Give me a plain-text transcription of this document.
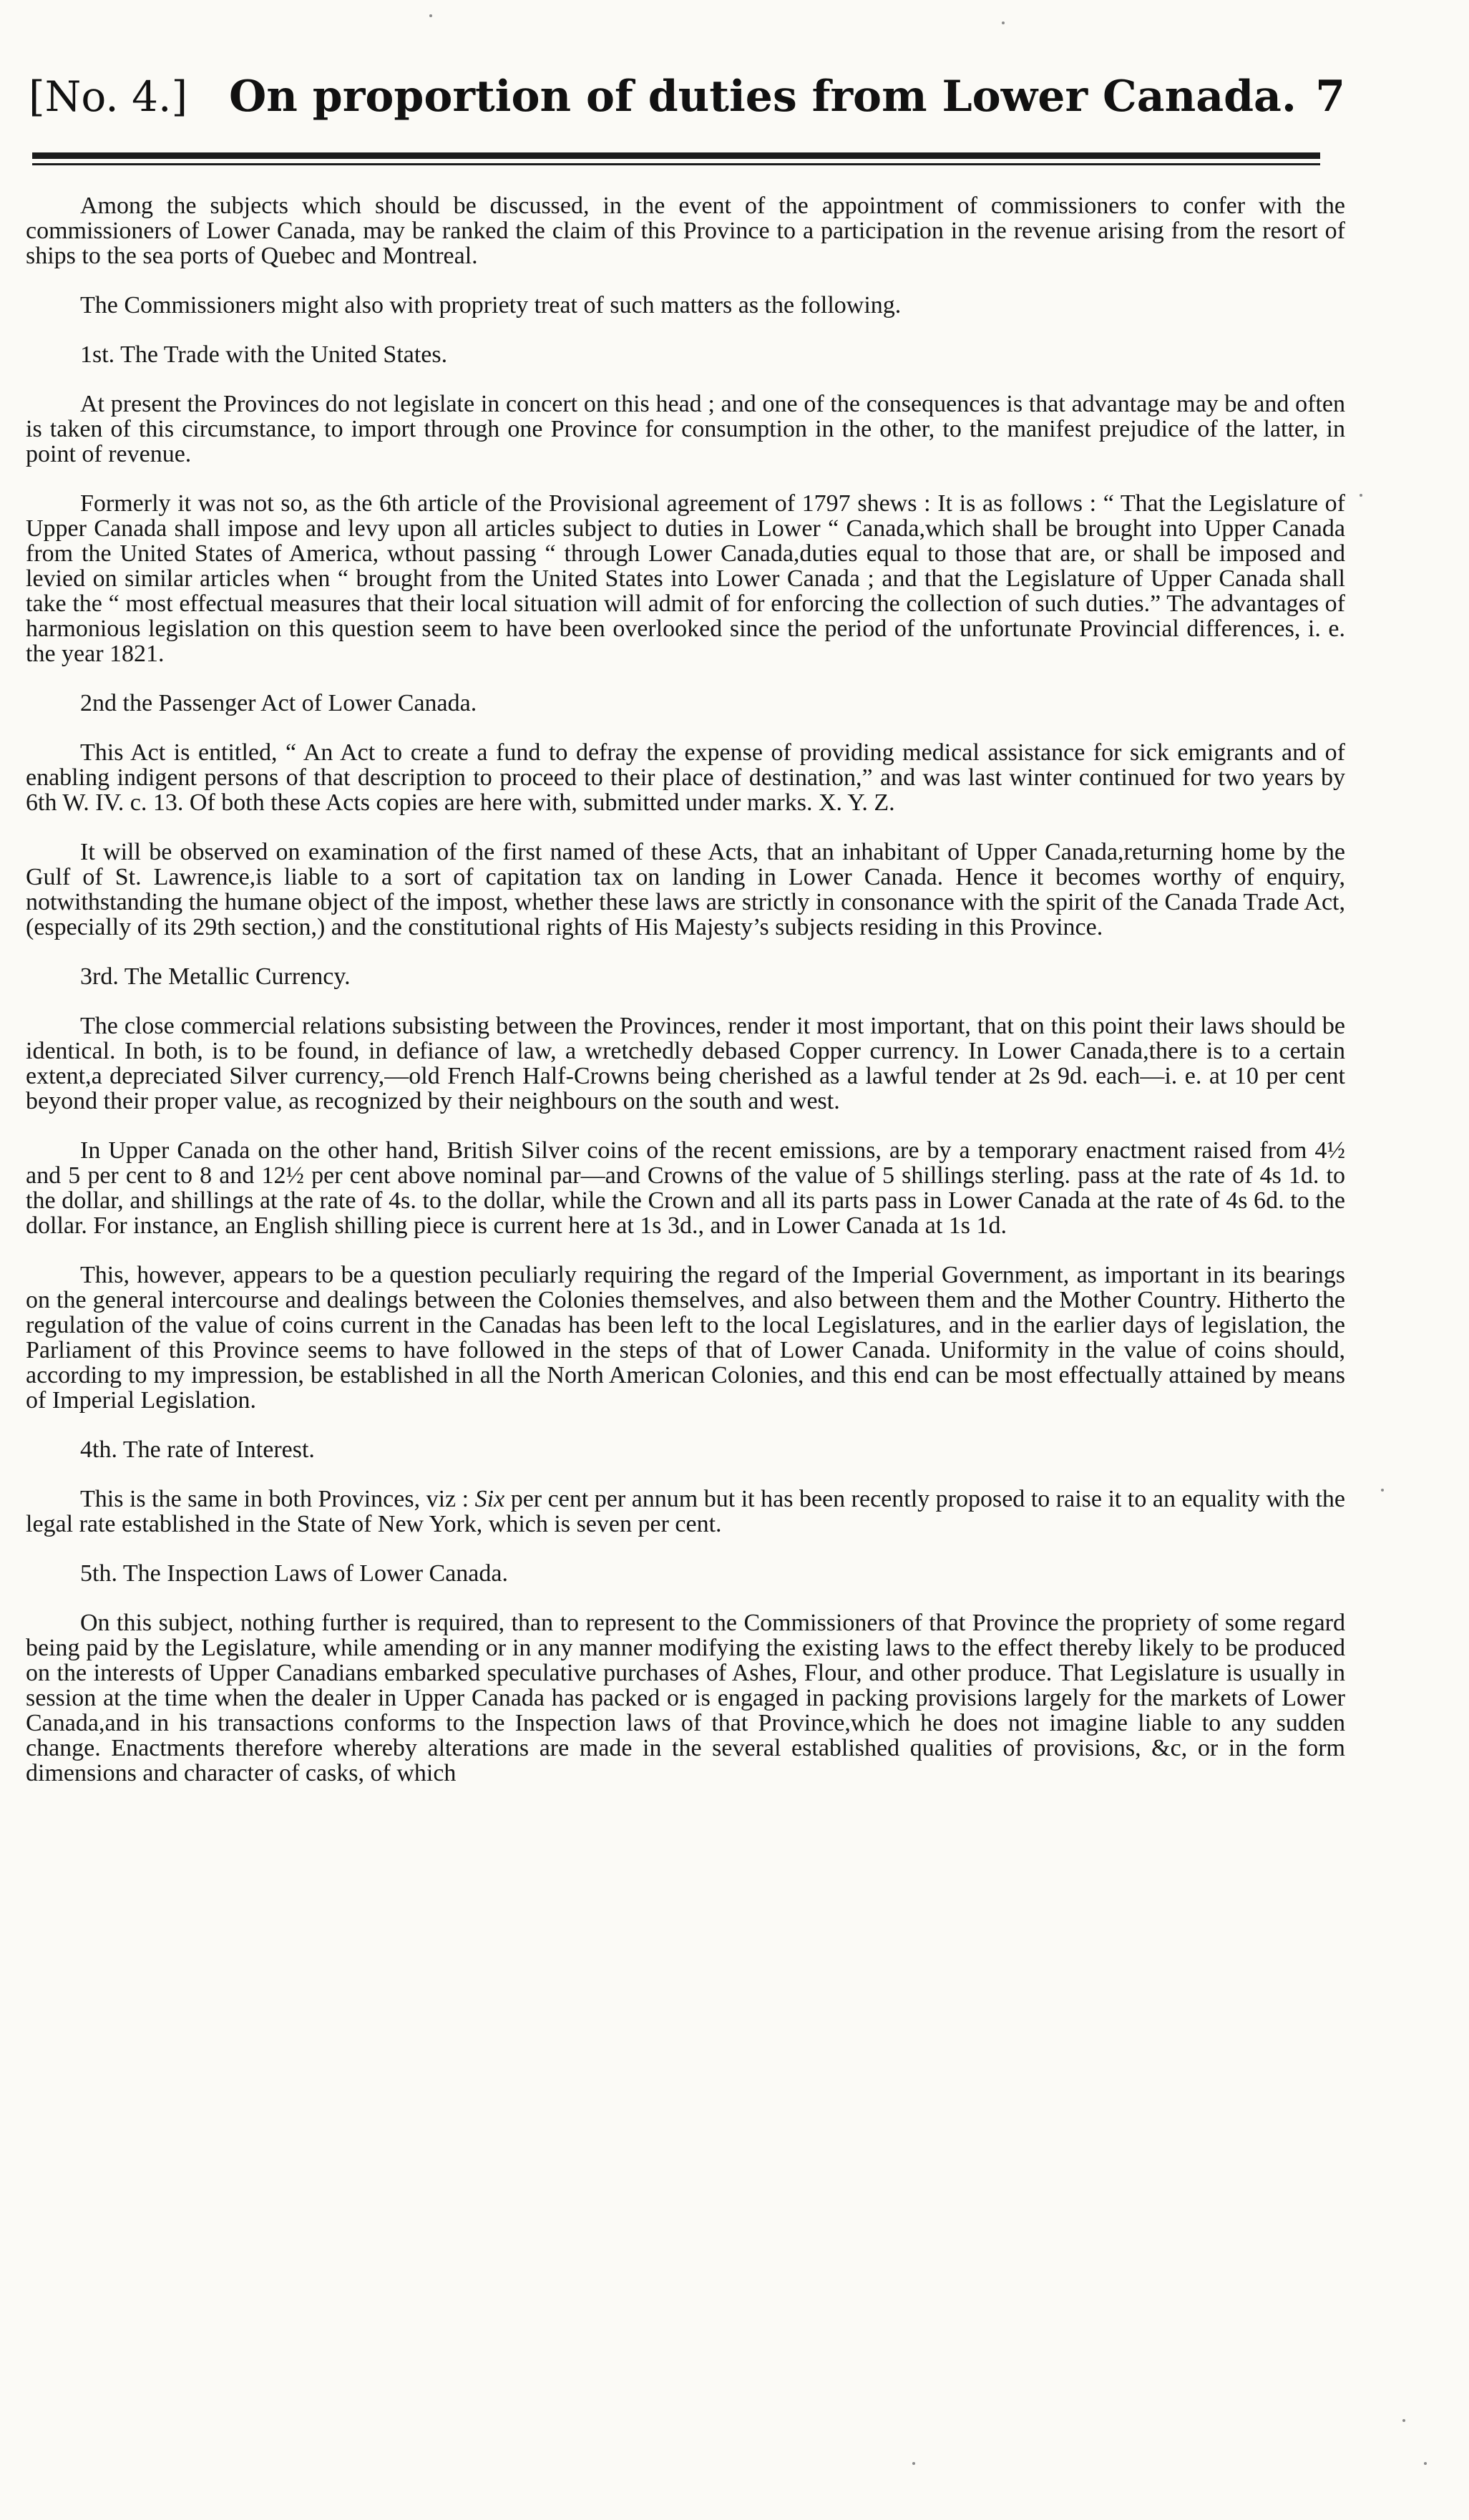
[No. 4.] On proportion of duties from Lower Canada. 7

Among the subjects which should be discussed, in the event of the appointment of commissioners to confer with the commissioners of Lower Canada, may be ranked the claim of this Province to a participation in the revenue arising from the resort of ships to the sea ports of Quebec and Montreal.

The Commissioners might also with propriety treat of such matters as the following.

1st. The Trade with the United States.

At present the Provinces do not legislate in concert on this head ; and one of the consequences is that advantage may be and often is taken of this circumstance, to import through one Province for consumption in the other, to the manifest prejudice of the latter, in point of revenue.

Formerly it was not so, as the 6th article of the Provisional agreement of 1797 shews : It is as follows : “ That the Legislature of Upper Canada shall impose and levy upon all articles subject to duties in Lower “ Canada,which shall be brought into Upper Canada from the United States of America, wthout passing “ through Lower Canada,duties equal to those that are, or shall be imposed and levied on similar articles when “ brought from the United States into Lower Canada ; and that the Legislature of Upper Canada shall take the “ most effectual measures that their local situation will admit of for enforcing the collection of such duties.” The advantages of harmonious legislation on this question seem to have been overlooked since the period of the unfortunate Provincial differences, i. e. the year 1821.

2nd the Passenger Act of Lower Canada.

This Act is entitled, “ An Act to create a fund to defray the expense of providing medical assistance for sick emigrants and of enabling indigent persons of that description to proceed to their place of destination,” and was last winter continued for two years by 6th W. IV. c. 13. Of both these Acts copies are here with, submitted under marks. X. Y. Z.

It will be observed on examination of the first named of these Acts, that an inhabitant of Upper Canada,returning home by the Gulf of St. Lawrence,is liable to a sort of capitation tax on landing in Lower Canada. Hence it becomes worthy of enquiry, notwithstanding the humane object of the impost, whether these laws are strictly in consonance with the spirit of the Canada Trade Act, (especially of its 29th section,) and the constitutional rights of His Majesty’s subjects residing in this Province.

3rd. The Metallic Currency.

The close commercial relations subsisting between the Provinces, render it most important, that on this point their laws should be identical. In both, is to be found, in defiance of law, a wretchedly debased Copper currency. In Lower Canada,there is to a certain extent,a depreciated Silver currency,—old French Half-Crowns being cherished as a lawful tender at 2s 9d. each—i. e. at 10 per cent beyond their proper value, as recognized by their neighbours on the south and west.

In Upper Canada on the other hand, British Silver coins of the recent emissions, are by a temporary enactment raised from 4½ and 5 per cent to 8 and 12½ per cent above nominal par—and Crowns of the value of 5 shillings sterling. pass at the rate of 4s 1d. to the dollar, and shillings at the rate of 4s. to the dollar, while the Crown and all its parts pass in Lower Canada at the rate of 4s 6d. to the dollar. For instance, an English shilling piece is current here at 1s 3d., and in Lower Canada at 1s 1d.

This, however, appears to be a question peculiarly requiring the regard of the Imperial Government, as important in its bearings on the general intercourse and dealings between the Colonies themselves, and also between them and the Mother Country. Hitherto the regulation of the value of coins current in the Canadas has been left to the local Legislatures, and in the earlier days of legislation, the Parliament of this Province seems to have followed in the steps of that of Lower Canada. Uniformity in the value of coins should, according to my impression, be established in all the North American Colonies, and this end can be most effectually attained by means of Imperial Legislation.

4th. The rate of Interest.

This is the same in both Provinces, viz : Six per cent per annum but it has been recently proposed to raise it to an equality with the legal rate established in the State of New York, which is seven per cent.

5th. The Inspection Laws of Lower Canada.

On this subject, nothing further is required, than to represent to the Commissioners of that Province the propriety of some regard being paid by the Legislature, while amending or in any manner modifying the existing laws to the effect thereby likely to be produced on the interests of Upper Canadians embarked speculative purchases of Ashes, Flour, and other produce. That Legislature is usually in session at the time when the dealer in Upper Canada has packed or is engaged in packing provisions largely for the markets of Lower Canada,and in his transactions conforms to the Inspection laws of that Province,which he does not imagine liable to any sudden change. Enactments therefore whereby alterations are made in the several established qualities of provisions, &c, or in the form dimensions and character of casks, of which
